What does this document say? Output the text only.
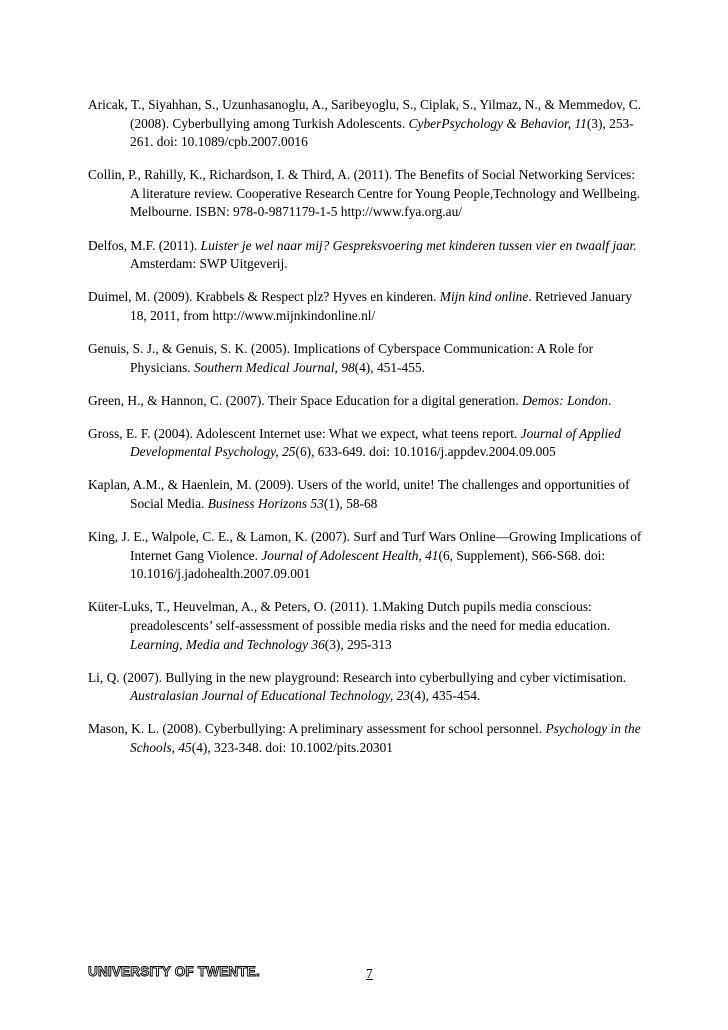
Aricak, T., Siyahhan, S., Uzunhasanoglu, A., Saribeyoglu, S., Ciplak, S., Yilmaz, N., & Memmedov, C. (2008). Cyberbullying among Turkish Adolescents. CyberPsychology & Behavior, 11(3), 253-261. doi: 10.1089/cpb.2007.0016

Collin, P., Rahilly, K., Richardson, I. & Third, A. (2011). The Benefits of Social Networking Services: A literature review. Cooperative Research Centre for Young People,Technology and Wellbeing. Melbourne. ISBN: 978-0-9871179-1-5 http://www.fya.org.au/

Delfos, M.F. (2011). Luister je wel naar mij? Gespreksvoering met kinderen tussen vier en twaalf jaar. Amsterdam: SWP Uitgeverij.

Duimel, M. (2009). Krabbels & Respect plz? Hyves en kinderen. Mijn kind online. Retrieved January 18, 2011, from http://www.mijnkindonline.nl/

Genuis, S. J., & Genuis, S. K. (2005). Implications of Cyberspace Communication: A Role for Physicians. Southern Medical Journal, 98(4), 451-455.

Green, H., & Hannon, C. (2007). Their Space Education for a digital generation. Demos: London.

Gross, E. F. (2004). Adolescent Internet use: What we expect, what teens report. Journal of Applied Developmental Psychology, 25(6), 633-649. doi: 10.1016/j.appdev.2004.09.005

Kaplan, A.M., & Haenlein, M. (2009). Users of the world, unite! The challenges and opportunities of Social Media. Business Horizons 53(1), 58-68

King, J. E., Walpole, C. E., & Lamon, K. (2007). Surf and Turf Wars Online—Growing Implications of Internet Gang Violence. Journal of Adolescent Health, 41(6, Supplement), S66-S68. doi: 10.1016/j.jadohealth.2007.09.001

Küter-Luks, T., Heuvelman, A., & Peters, O. (2011). 1.Making Dutch pupils media conscious: preadolescents’ self-assessment of possible media risks and the need for media education. Learning, Media and Technology 36(3), 295-313

Li, Q. (2007). Bullying in the new playground: Research into cyberbullying and cyber victimisation. Australasian Journal of Educational Technology, 23(4), 435-454.

Mason, K. L. (2008). Cyberbullying: A preliminary assessment for school personnel. Psychology in the Schools, 45(4), 323-348. doi: 10.1002/pits.20301

UNIVERSITY OF TWENTE.	7
